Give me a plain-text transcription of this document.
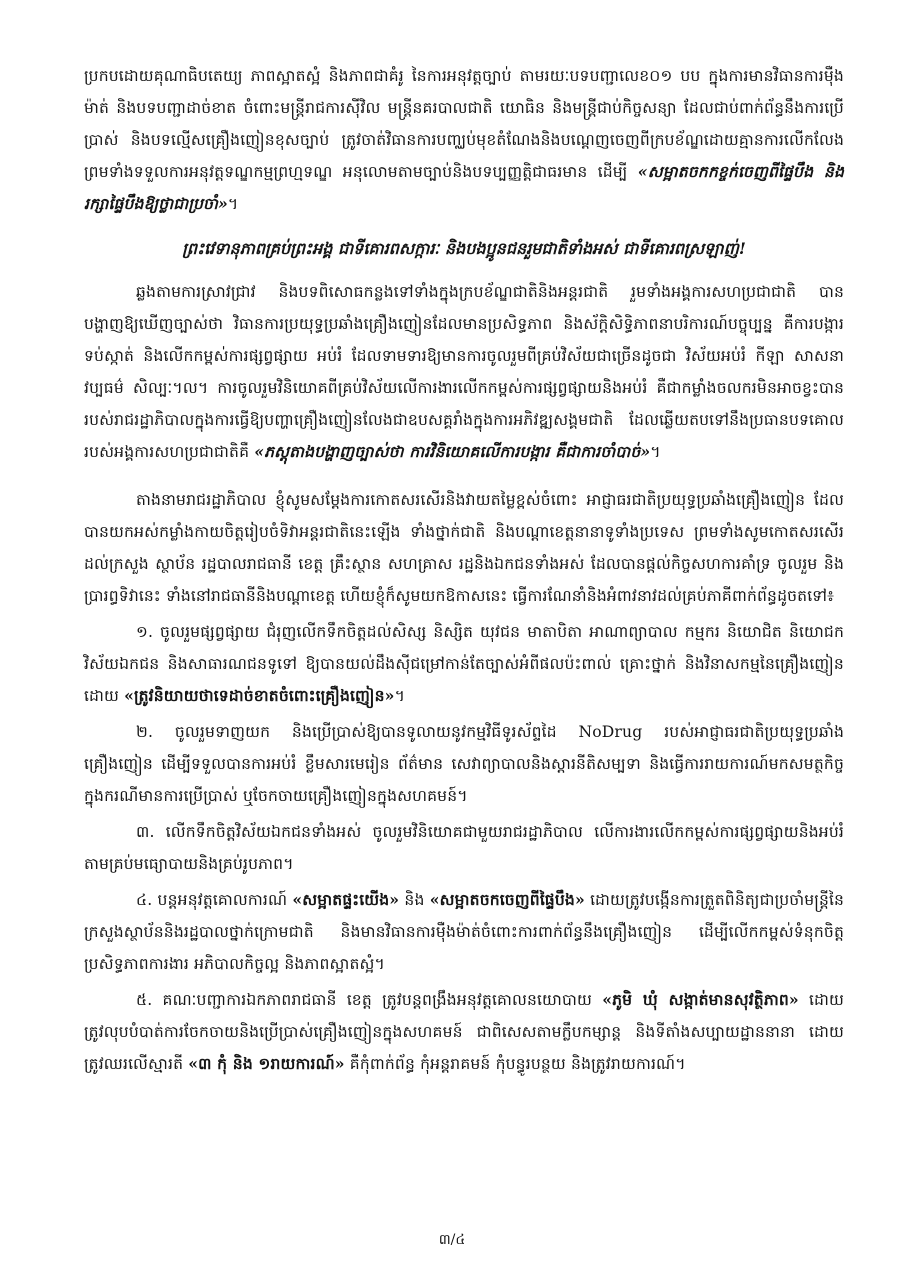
ប្រកបដោយគុណាធិបតេយ្យ ភាពស្អាតស្អំ និងភាពជាគំរូ នៃការអនុវត្តច្បាប់ តាមរយៈបទបញ្ជាលេខ០១ បប ក្នុងការមានវិធានការម៉ឺងម៉ាត់ និងបទបញ្ជាដាច់ខាត ចំពោះមន្ត្រីរាជការស៊ីវិល មន្ត្រីនគរបាលជាតិ យោធិន និងមន្ត្រីជាប់កិច្ចសន្យា ដែលជាប់ពាក់ព័ន្ធនឹងការប្រើប្រាស់ និងបទល្មើសគ្រឿងញៀនខុសច្បាប់ ត្រូវចាត់វិធានការបញ្ឈប់មុខតំណែងនិងបណ្តេញចេញពីក្របខ័ណ្ឌដោយគ្មានការលើកលែង ព្រមទាំងទទួលការអនុវត្តទណ្ឌកម្មព្រហ្មទណ្ឌ អនុលោមតាមច្បាប់និងបទប្បញ្ញត្តិជាធរមាន ដើម្បី «សម្អាតចកកខ្ចក់ចេញពីផ្ទៃបឹង និងរក្សាផ្ទៃបឹងឱ្យថ្លាជាប្រចាំ»។

ព្រះវេទានុភាពគ្រប់ព្រះអង្គ ជាទីគោរពសក្ការៈ និងបងប្អូនជនរួមជាតិទាំងអស់ ជាទីគោរពស្រឡាញ់!

ឆ្លងតាមការស្រាវជ្រាវ និងបទពិសោធកន្លងទៅទាំងក្នុងក្របខ័ណ្ឌជាតិនិងអន្តរជាតិ រួមទាំងអង្គការសហប្រជាជាតិ បានបង្ហាញឱ្យឃើញច្បាស់ថា វិធានការប្រយុទ្ធប្រឆាំងគ្រឿងញៀនដែលមានប្រសិទ្ធភាព និងស័ក្តិសិទ្ធិភាពនាបរិការណ៍បច្ចុប្បន្ន គឺការបង្ការ ទប់ស្កាត់ និងលើកកម្ពស់ការផ្សព្វផ្សាយ អប់រំ ដែលទាមទារឱ្យមានការចូលរួមពីគ្រប់វិស័យជាច្រើនដូចជា វិស័យអប់រំ កីឡា សាសនា វប្បធម៌ សិល្បៈ។ល។ ការចូលរួមវិនិយោគពីគ្រប់វិស័យលើការងារលើកកម្ពស់ការផ្សព្វផ្សាយនិងអប់រំ គឺជាកម្លាំងចលករមិនអាចខ្វះបានរបស់រាជរដ្ឋាភិបាលក្នុងការធ្វើឱ្យបញ្ហាគ្រឿងញៀនលែងជាឧបសគ្គរាំងក្នុងការអភិវឌ្ឍសង្គមជាតិ ដែលឆ្លើយតបទៅនឹងប្រធានបទគោលរបស់អង្គការសហប្រជាជាតិគឺ «ភស្តុតាងបង្ហាញច្បាស់ថា ការវិនិយោគលើការបង្ការ គឺជាការចាំបាច់»។

តាងនាមរាជរដ្ឋាភិបាល ខ្ញុំសូមសម្តែងការកោតសរសើរនិងវាយតម្លៃខ្ពស់ចំពោះ អាជ្ញាធរជាតិប្រយុទ្ធប្រឆាំងគ្រឿងញៀន ដែលបានយកអស់កម្លាំងកាយចិត្តរៀបចំទិវាអន្តរជាតិនេះឡើង ទាំងថ្នាក់ជាតិ និងបណ្តាខេត្តនានាទូទាំងប្រទេស ព្រមទាំងសូមកោតសរសើរដល់ក្រសួង ស្ថាប័ន រដ្ឋបាលរាជធានី ខេត្ត គ្រឹះស្ថាន សហគ្រាស រដ្ឋនិងឯកជនទាំងអស់ ដែលបានផ្តល់កិច្ចសហការគាំទ្រ ចូលរួម និងប្រារព្ធទិវានេះ ទាំងនៅរាជធានីនិងបណ្តាខេត្ត ហើយខ្ញុំក៏សូមយកឱកាសនេះ ធ្វើការណែនាំនិងអំពាវនាវដល់គ្រប់ភាគីពាក់ព័ន្ធដូចតទៅ៖

១. ចូលរួមផ្សព្វផ្សាយ ជំរុញលើកទឹកចិត្តដល់សិស្ស និស្សិត យុវជន មាតាបិតា អាណាព្យាបាល កម្មករ និយោជិត និយោជក វិស័យឯកជន និងសាធារណជនទូទៅ ឱ្យបានយល់ដឹងស៊ីជម្រៅកាន់តែច្បាស់អំពីផលប៉ះពាល់ គ្រោះថ្នាក់ និងវិនាសកម្មនៃគ្រឿងញៀន ដោយ «ត្រូវនិយាយថាទេដាច់ខាតចំពោះគ្រឿងញៀន»។

២. ចូលរួមទាញយក និងប្រើប្រាស់ឱ្យបានទូលាយនូវកម្មវិធីទូរស័ព្ទដៃ NoDrug របស់អាជ្ញាធរជាតិប្រយុទ្ធប្រឆាំងគ្រឿងញៀន ដើម្បីទទួលបានការអប់រំ ខ្លឹមសារមេរៀន ព័ត៌មាន សេវាព្យាបាលនិងស្តារនីតិសម្បទា និងធ្វើការរាយការណ៍មកសមត្ថកិច្ចក្នុងករណីមានការប្រើប្រាស់ ឬចែកចាយគ្រឿងញៀនក្នុងសហគមន៍។

៣. លើកទឹកចិត្តវិស័យឯកជនទាំងអស់ ចូលរួមវិនិយោគជាមួយរាជរដ្ឋាភិបាល លើការងារលើកកម្ពស់ការផ្សព្វផ្សាយនិងអប់រំ តាមគ្រប់មធ្យោបាយនិងគ្រប់រូបភាព។

៤. បន្តអនុវត្តគោលការណ៍ «សម្អាតផ្ទះយើង» និង «សម្អាតចកចេញពីផ្ទៃបឹង» ដោយត្រូវបង្កើនការត្រួតពិនិត្យជាប្រចាំមន្ត្រីនៃក្រសួងស្ថាប័ននិងរដ្ឋបាលថ្នាក់ក្រោមជាតិ និងមានវិធានការម៉ឺងម៉ាត់ចំពោះការពាក់ព័ន្ធនឹងគ្រឿងញៀន ដើម្បីលើកកម្ពស់ទំនុកចិត្ត ប្រសិទ្ធភាពការងារ អភិបាលកិច្ចល្អ និងភាពស្អាតស្អំ។

៥. គណៈបញ្ជាការឯកភាពរាជធានី ខេត្ត ត្រូវបន្តពង្រឹងអនុវត្តគោលនយោបាយ «ភូមិ ឃុំ សង្កាត់មានសុវត្ថិភាព» ដោយត្រូវលុបបំបាត់ការចែកចាយនិងប្រើប្រាស់គ្រឿងញៀនក្នុងសហគមន៍ ជាពិសេសតាមក្លឹបកម្សាន្ត និងទីតាំងសប្បាយដ្ឋាននានា ដោយត្រូវឈរលើស្មារតី «៣ កុំ និង ១រាយការណ៍» គឺកុំពាក់ព័ន្ធ កុំអន្តរាគមន៍ កុំបន្ធូរបន្ថយ និងត្រូវរាយការណ៍។

៣/៤
